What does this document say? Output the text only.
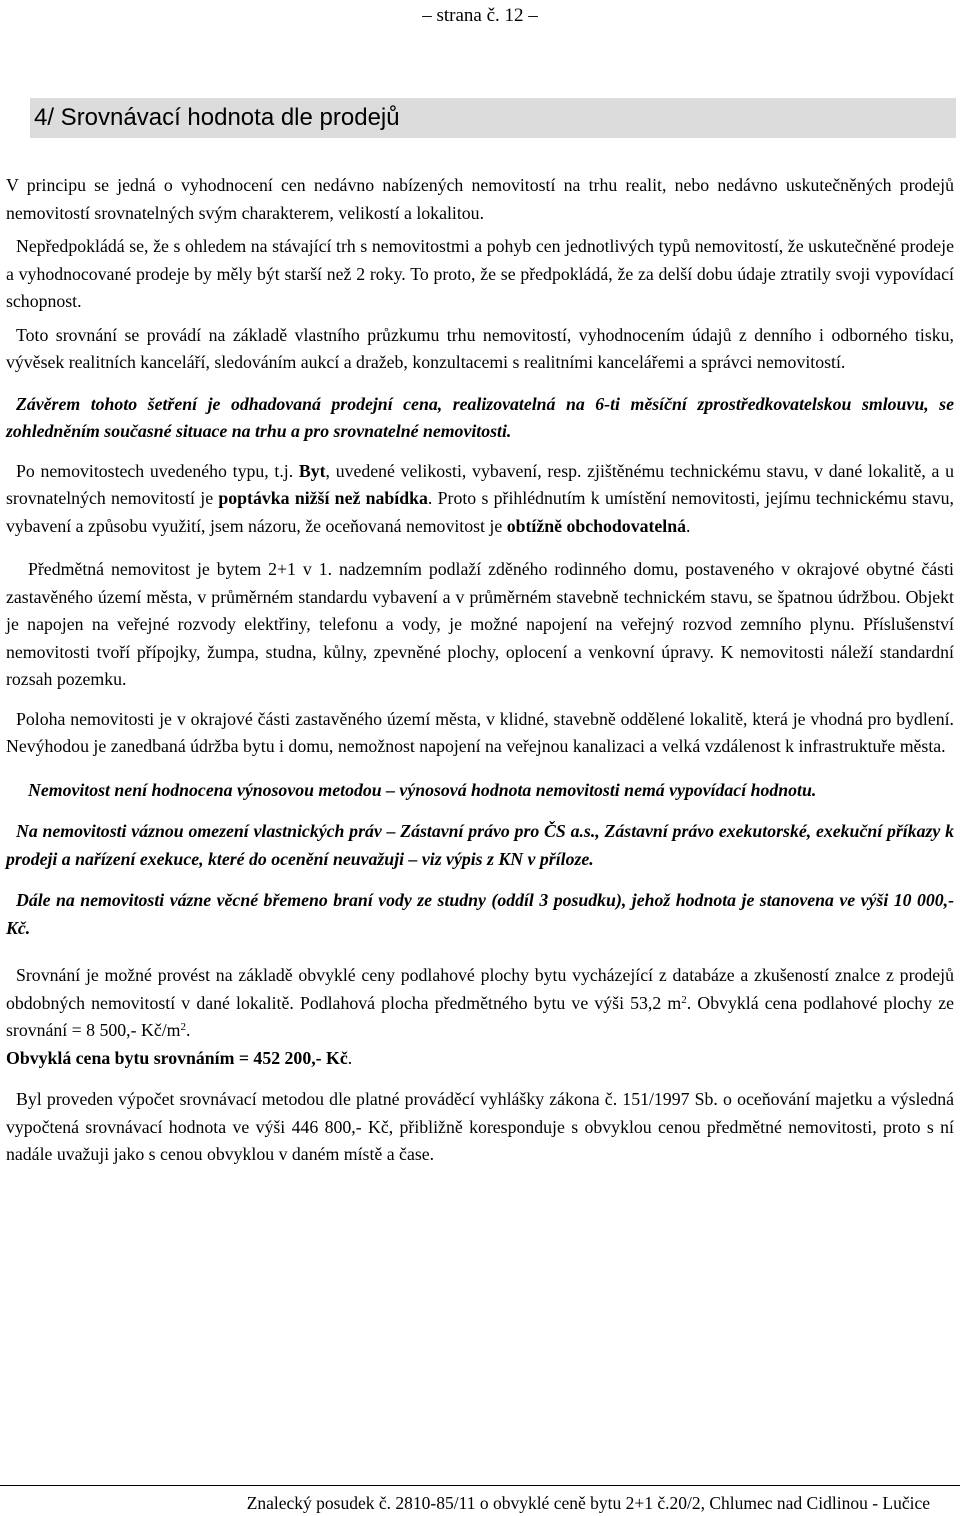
– strana č. 12 –
4/ Srovnávací hodnota dle prodejů

V principu se jedná o vyhodnocení cen nedávno nabízených nemovitostí na trhu realit, nebo nedávno uskutečněných prodejů nemovitostí srovnatelných svým charakterem, velikostí a lokalitou.

Nepředpokládá se, že s ohledem na stávající trh s nemovitostmi a pohyb cen jednotlivých typů nemovitostí, že uskutečněné prodeje a vyhodnocované prodeje by měly být starší než 2 roky. To proto, že se předpokládá, že za delší dobu údaje ztratily svoji vypovídací schopnost.

Toto srovnání se provádí na základě vlastního průzkumu trhu nemovitostí, vyhodnocením údajů z denního i odborného tisku, vývěsek realitních kanceláří, sledováním aukcí a dražeb, konzultacemi s realitními kancelářemi a správci nemovitostí.

Závěrem tohoto šetření je odhadovaná prodejní cena, realizovatelná na 6-ti měsíční zprostředkovatelskou smlouvu, se zohledněním současné situace na trhu a pro srovnatelné nemovitosti.

Po nemovitostech uvedeného typu, t.j. Byt, uvedené velikosti, vybavení, resp. zjištěnému technickému stavu, v dané lokalitě, a u srovnatelných nemovitostí je poptávka nižší než nabídka. Proto s přihlédnutím k umístění nemovitosti, jejímu technickému stavu, vybavení a způsobu využití, jsem názoru, že oceňovaná nemovitost je obtížně obchodovatelná.

Předmětná nemovitost je bytem 2+1 v 1. nadzemním podlaží zděného rodinného domu, postaveného v okrajové obytné části zastavěného území města, v průměrném standardu vybavení a v průměrném stavebně technickém stavu, se špatnou údržbou. Objekt je napojen na veřejné rozvody elektřiny, telefonu a vody, je možné napojení na veřejný rozvod zemního plynu. Příslušenství nemovitosti tvoří přípojky, žumpa, studna, kůlny, zpevněné plochy, oplocení a venkovní úpravy. K nemovitosti náleží standardní rozsah pozemku.

Poloha nemovitosti je v okrajové části zastavěného území města, v klidné, stavebně oddělené lokalitě, která je vhodná pro bydlení. Nevýhodou je zanedbaná údržba bytu i domu, nemožnost napojení na veřejnou kanalizaci a velká vzdálenost k infrastruktuře města.

Nemovitost není hodnocena výnosovou metodou – výnosová hodnota nemovitosti nemá vypovídací hodnotu.

Na nemovitosti váznou omezení vlastnických práv – Zástavní právo pro ČS a.s., Zástavní právo exekutorské, exekuční příkazy k prodeji a nařízení exekuce, které do ocenění neuvažuji – viz výpis z KN v příloze.

Dále na nemovitosti vázne věcné břemeno braní vody ze studny (oddíl 3 posudku), jehož hodnota je stanovena ve výši 10 000,- Kč.

Srovnání je možné provést na základě obvyklé ceny podlahové plochy bytu vycházející z databáze a zkušeností znalce z prodejů obdobných nemovitostí v dané lokalitě. Podlahová plocha předmětného bytu ve výši 53,2 $m^2$. Obvyklá cena podlahové plochy ze srovnání = 8 500,- $Kč/m^2$.
Obvyklá cena bytu srovnáním = 452 200,- Kč.

Byl proveden výpočet srovnávací metodou dle platné prováděcí vyhlášky zákona č. 151/1997 Sb. o oceňování majetku a výsledná vypočtená srovnávací hodnota ve výši 446 800,- Kč, přibližně koresponduje s obvyklou cenou předmětné nemovitosti, proto s ní nadále uvažuji jako s cenou obvyklou v daném místě a čase.

Znalecký posudek č. 2810-85/11 o obvyklé ceně bytu 2+1 č.20/2, Chlumec nad Cidlinou - Lučice
